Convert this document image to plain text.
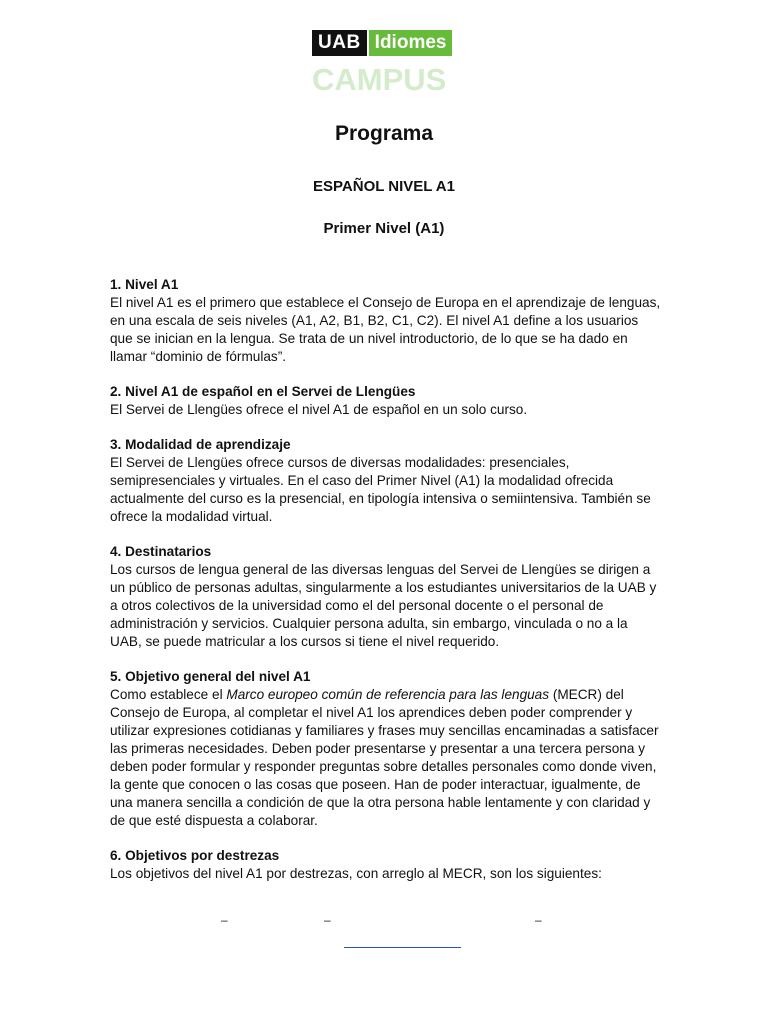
UAB Idiomes
CAMPUS
Programa
ESPAÑOL NIVEL A1
Primer Nivel (A1)
1. Nivel A1

El nivel A1 es el primero que establece el Consejo de Europa en el aprendizaje de lenguas, en una escala de seis niveles (A1, A2, B1, B2, C1, C2). El nivel A1 define a los usuarios que se inician en la lengua. Se trata de un nivel introductorio, de lo que se ha dado en llamar “dominio de fórmulas”.

2. Nivel A1 de español en el Servei de Llengües

El Servei de Llengües ofrece el nivel A1 de español en un solo curso.

3. Modalidad de aprendizaje

El Servei de Llengües ofrece cursos de diversas modalidades: presenciales, semipresenciales y virtuales. En el caso del Primer Nivel (A1) la modalidad ofrecida actualmente del curso es la presencial, en tipología intensiva o semiintensiva. También se ofrece la modalidad virtual.

4. Destinatarios

Los cursos de lengua general de las diversas lenguas del Servei de Llengües se dirigen a un público de personas adultas, singularmente a los estudiantes universitarios de la UAB y a otros colectivos de la universidad como el del personal docente o el personal de administración y servicios. Cualquier persona adulta, sin embargo, vinculada o no a la UAB, se puede matricular a los cursos si tiene el nivel requerido.

5. Objetivo general del nivel A1

Como establece el Marco europeo común de referencia para las lenguas (MECR) del Consejo de Europa, al completar el nivel A1 los aprendices deben poder comprender y utilizar expresiones cotidianas y familiares y frases muy sencillas encaminadas a satisfacer las primeras necesidades. Deben poder presentarse y presentar a una tercera persona y deben poder formular y responder preguntas sobre detalles personales como donde viven, la gente que conocen o las cosas que poseen. Han de poder interactuar, igualmente, de una manera sencilla a condición de que la otra persona hable lentamente y con claridad y de que esté dispuesta a colaborar.

6. Objetivos por destrezas

Los objetivos del nivel A1 por destrezas, con arreglo al MECR, son los siguientes:

–	–	–
